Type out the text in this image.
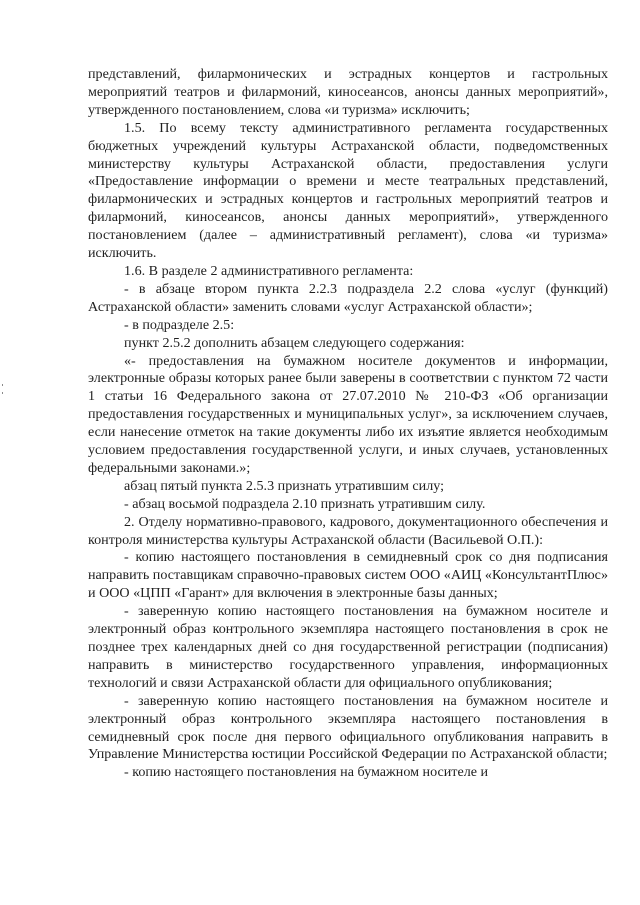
представлений, филармонических и эстрадных концертов и гастрольных мероприятий театров и филармоний, киносеансов, анонсы данных мероприятий», утвержденного постановлением, слова «и туризма» исключить;

1.5. По всему тексту административного регламента государственных бюджетных учреждений культуры Астраханской области, подведомственных министерству культуры Астраханской области, предоставления услуги «Предоставление информации о времени и месте театральных представлений, филармонических и эстрадных концертов и гастрольных мероприятий театров и филармоний, киносеансов, анонсы данных мероприятий», утвержденного постановлением (далее – административный регламент), слова «и туризма» исключить.

1.6. В разделе 2 административного регламента:

- в абзаце втором пункта 2.2.3 подраздела 2.2 слова «услуг (функций) Астраханской области» заменить словами «услуг Астраханской области»;

- в подразделе 2.5:

пункт 2.5.2 дополнить абзацем следующего содержания:

«- предоставления на бумажном носителе документов и информации, электронные образы которых ранее были заверены в соответствии с пунктом 72 части 1 статьи 16 Федерального закона от 27.07.2010 № 210-ФЗ «Об организации предоставления государственных и муниципальных услуг», за исключением случаев, если нанесение отметок на такие документы либо их изъятие является необходимым условием предоставления государственной услуги, и иных случаев, установленных федеральными законами.»;

абзац пятый пункта 2.5.3 признать утратившим силу;

- абзац восьмой подраздела 2.10 признать утратившим силу.

2. Отделу нормативно-правового, кадрового, документационного обеспечения и контроля министерства культуры Астраханской области (Васильевой О.П.):

- копию настоящего постановления в семидневный срок со дня подписания направить поставщикам справочно-правовых систем ООО «АИЦ «КонсультантПлюс» и ООО «ЦПП «Гарант» для включения в электронные базы данных;

- заверенную копию настоящего постановления на бумажном носителе и электронный образ контрольного экземпляра настоящего постановления в срок не позднее трех календарных дней со дня государственной регистрации (подписания) направить в министерство государственного управления, информационных технологий и связи Астраханской области для официального опубликования;

- заверенную копию настоящего постановления на бумажном носителе и электронный образ контрольного экземпляра настоящего постановления в семидневный срок после дня первого официального опубликования направить в Управление Министерства юстиции Российской Федерации по Астраханской области;

- копию настоящего постановления на бумажном носителе и
